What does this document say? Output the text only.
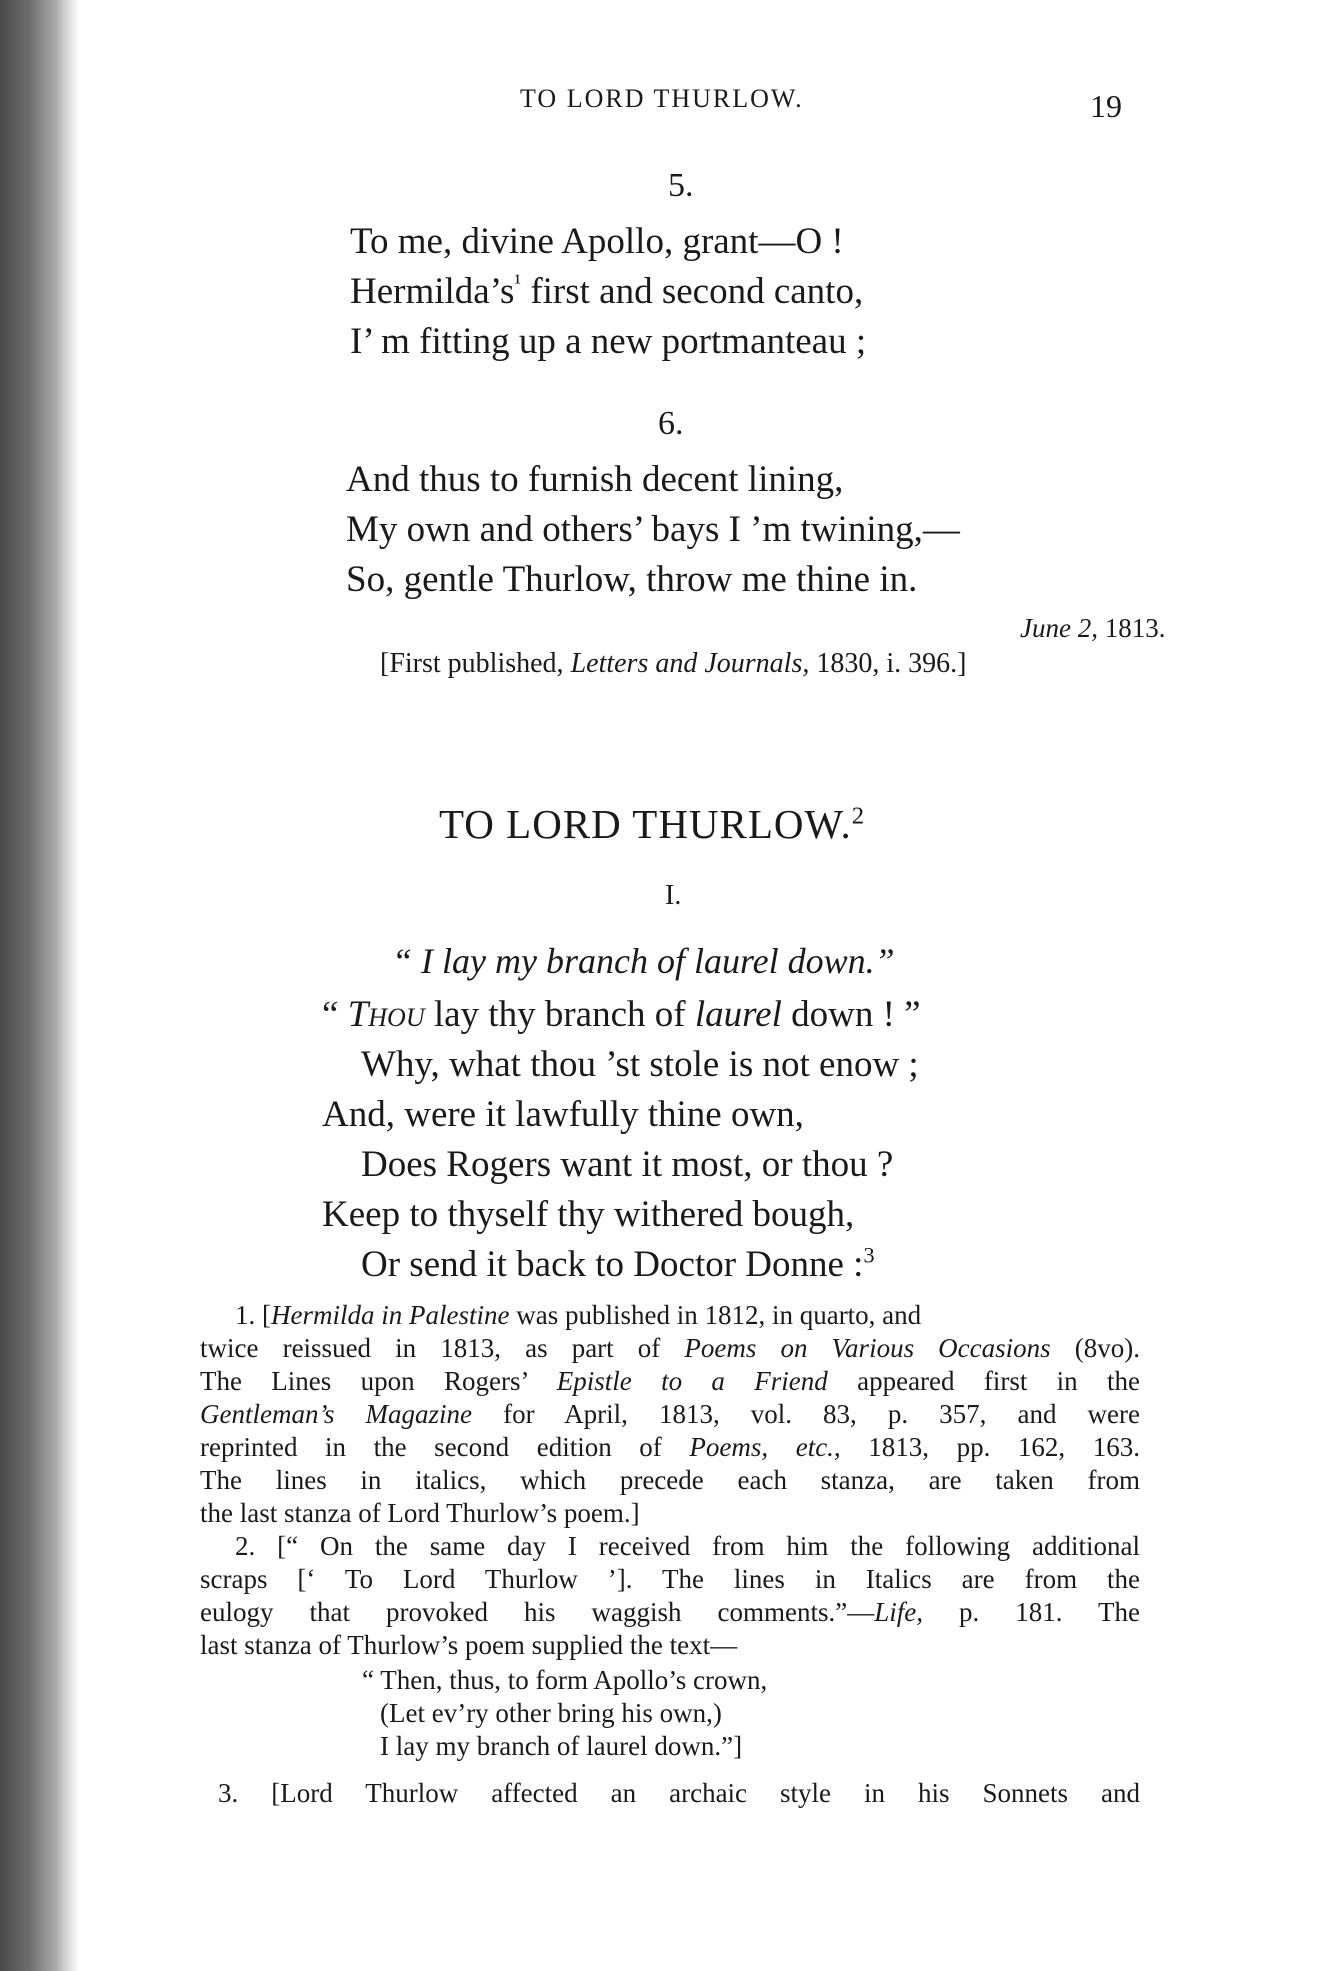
TO LORD THURLOW.	19
5.
To me, divine Apollo, grant—O !
$Hermilda’s^{^1}$ first and second canto,
I’ m fitting up a new portmanteau ;
6.
And thus to furnish decent lining,
My own and others’ bays I ’m twining,—
So, gentle Thurlow, throw me thine in.
June 2, 1813.
[First published, Letters and Journals, 1830, i. 396.]
TO LORD THURLOW.$^2$
I.
“ I lay my branch of laurel down.”
“ Thou lay thy branch of laurel down ! ”
Why, what thou ’st stole is not enow ;
And, were it lawfully thine own,
Does Rogers want it most, or thou ?
Keep to thyself thy withered bough,
Or send it back to Doctor Donne :$^3$
1. [Hermilda in Palestine was published in 1812, in quarto, and
twice reissued in 1813, as part of Poems on Various Occasions (8vo).
The Lines upon Rogers’ Epistle to a Friend appeared first in the
Gentleman’s Magazine for April, 1813, vol. 83, p. 357, and were
reprinted in the second edition of Poems, etc., 1813, pp. 162, 163.
The lines in italics, which precede each stanza, are taken from
the last stanza of Lord Thurlow’s poem.]
2. [“ On the same day I received from him the following additional
scraps [‘ To Lord Thurlow ’]. The lines in Italics are from the
eulogy that provoked his waggish comments.”—Life, p. 181. The
last stanza of Thurlow’s poem supplied the text—
“ Then, thus, to form Apollo’s crown,
(Let ev’ry other bring his own,)
I lay my branch of laurel down.”]
3. [Lord Thurlow affected an archaic style in his Sonnets and
